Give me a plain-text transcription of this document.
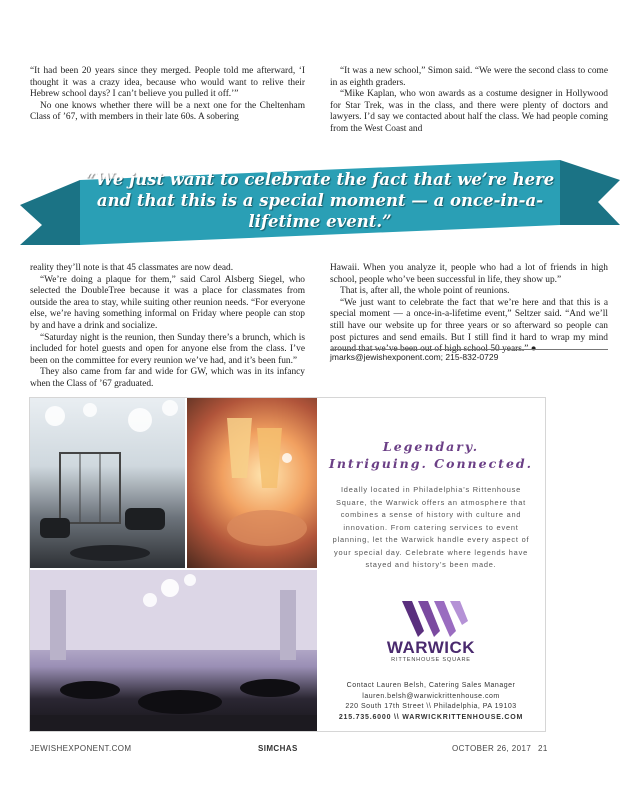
“It had been 20 years since they merged. People told me afterward, ‘I thought it was a crazy idea, because who would want to relive their Hebrew school days? I can’t believe you pulled it off.’”

No one knows whether there will be a next one for the Cheltenham Class of ’67, with members in their late 60s. A sobering

“It was a new school,” Simon said. “We were the second class to come in as eighth graders.

“Mike Kaplan, who won awards as a costume designer in Hollywood for Star Trek, was in the class, and there were plenty of doctors and lawyers. I’d say we contacted about half the class. We had people coming from the West Coast and

“We just want to celebrate the fact that we’re here and that this is a special moment — a once-in-a-lifetime event.”

reality they’ll note is that 45 classmates are now dead.

“We’re doing a plaque for them,” said Carol Alsberg Siegel, who selected the DoubleTree because it was a place for classmates from outside the area to stay, while suiting other reunion needs. “For everyone else, we’re having something informal on Friday where people can stop by and have a drink and socialize.

“Saturday night is the reunion, then Sunday there’s a brunch, which is included for hotel guests and open for anyone else from the class. I’ve been on the committee for every reunion we’ve had, and it’s been fun.”

They also came from far and wide for GW, which was in its infancy when the Class of ’67 graduated.

Hawaii. When you analyze it, people who had a lot of friends in high school, people who’ve been successful in life, they show up.”

That is, after all, the whole point of reunions.

“We just want to celebrate the fact that we’re here and that this is a special moment — a once-in-a-lifetime event,” Seltzer said. “And we’ll still have our website up for three years or so afterward so people can post pictures and send emails. But I still find it hard to wrap my mind around that we’ve been out of high school 50 years.” ●

jmarks@jewishexponent.com; 215-832-0729
Legendary.
Intriguing. Connected.
Ideally located in Philadelphia’s Rittenhouse Square, the Warwick offers an atmosphere that combines a sense of history with culture and innovation. From catering services to event planning, let the Warwick handle every aspect of your special day. Celebrate where legends have stayed and history’s been made.
WARWICK
RITTENHOUSE SQUARE
Contact Lauren Belsh, Catering Sales Manager
lauren.belsh@warwickrittenhouse.com
220 South 17th Street \\ Philadelphia, PA 19103
215.735.6000 \\ WARWICKRITTENHOUSE.COM
JEWISHEXPONENT.COM	SIMCHAS	OCTOBER 26, 2017 21
